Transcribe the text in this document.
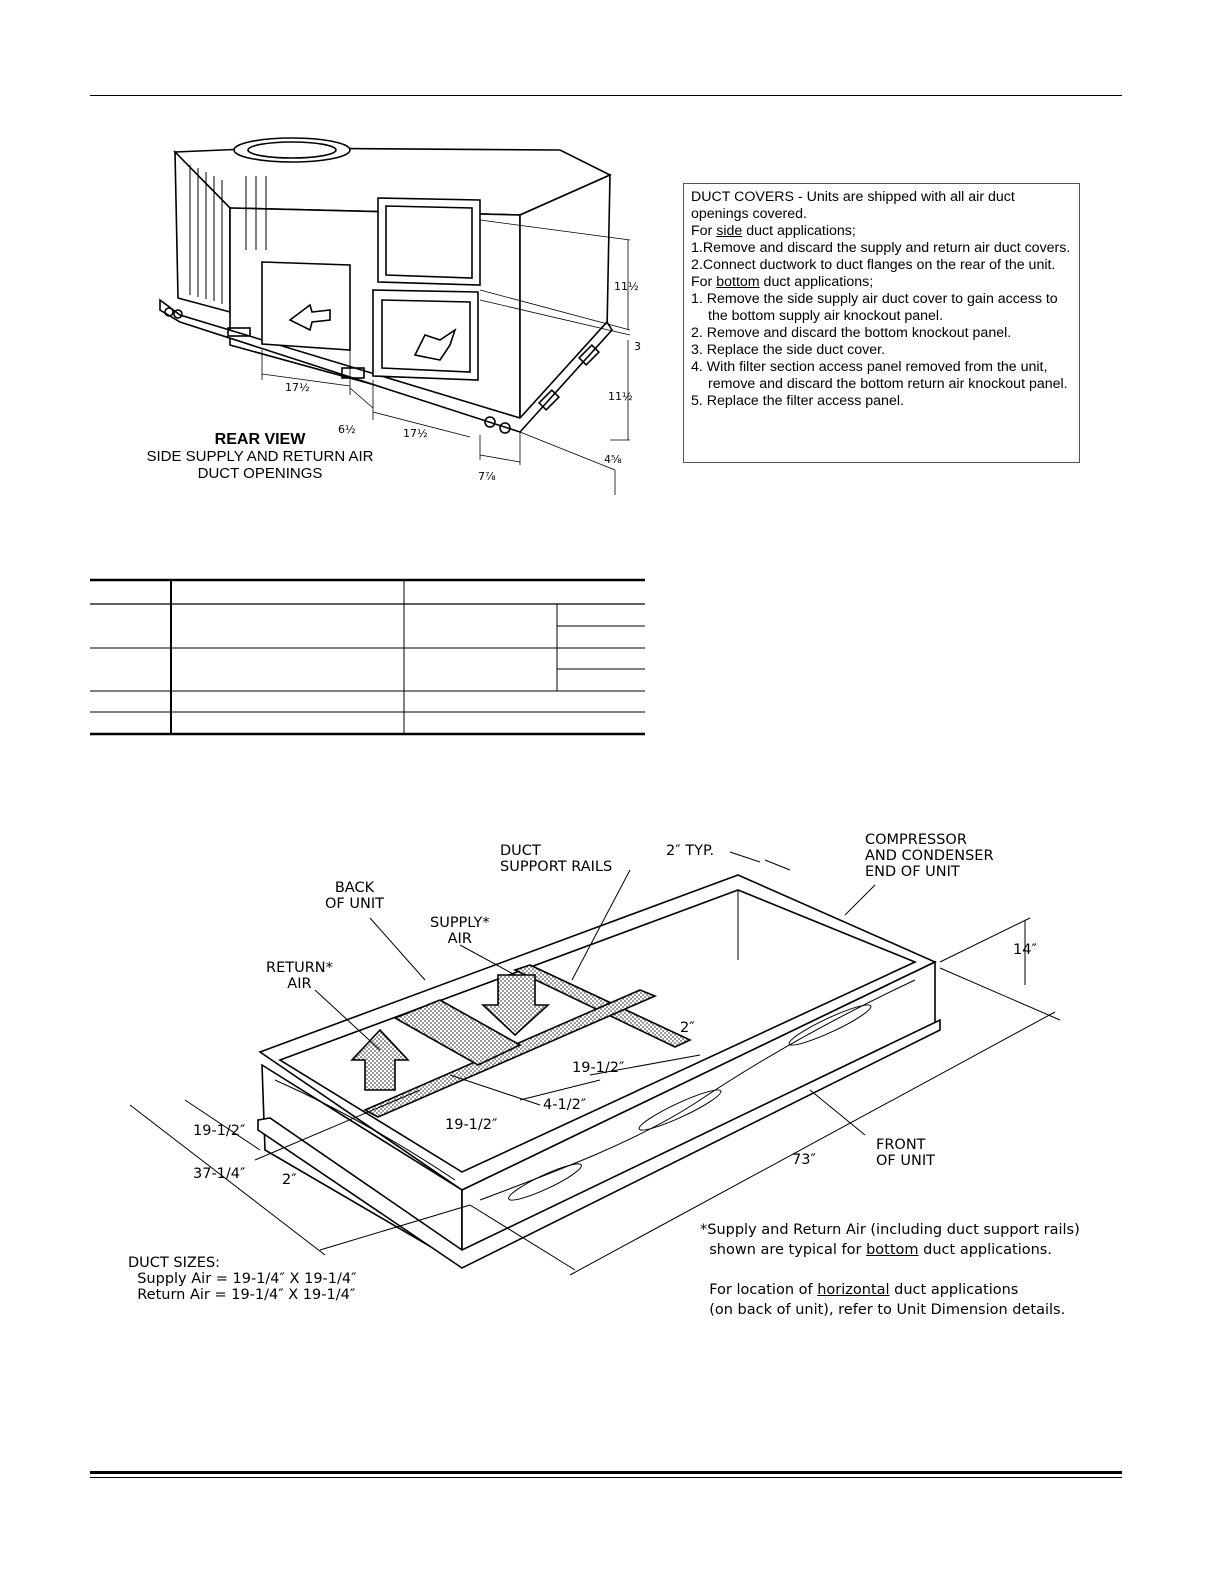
17½
6½	17½
7⅞
11½
3
11½
4⅝
REAR VIEW
SIDE SUPPLY AND RETURN AIR
DUCT OPENINGS

DUCT COVERS - Units are shipped with all air duct

openings covered.

For side duct applications;

1.Remove and discard the supply and return air duct covers.

2.Connect ductwork to duct flanges on the rear of the unit.

For bottom duct applications;

1. Remove the side supply air duct cover to gain access to the bottom supply air knockout panel.

2. Remove and discard the bottom knockout panel.

3. Replace the side duct cover.

4. With filter section access panel removed from the unit, remove and discard the bottom return air knockout panel.

5. Replace the filter access panel.

DUCT
SUPPORT RAILS
2″ TYP.
COMPRESSOR
AND CONDENSER
END OF UNIT
BACK
OF UNIT
SUPPLY*
AIR
RETURN*
AIR
14″
2″
19-1/2″
4-1/2″
19-1/2″
19-1/2″
37-1/4″	2″
73″
FRONT
OF UNIT
DUCT SIZES:
Supply Air = 19-1/4″ X 19-1/4″
Return Air = 19-1/4″ X 19-1/4″
*Supply and Return Air (including duct support rails)
shown are typical for bottom duct applications.

For location of horizontal duct applications
(on back of unit), refer to Unit Dimension details.
